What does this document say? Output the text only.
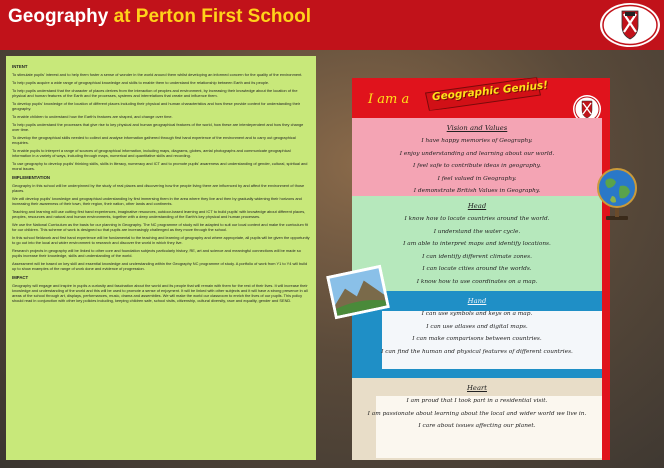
Geography at Perton First School
INTENT

To stimulate pupils' interest and to help them foster a sense of wonder in the world around them whilst developing an informed concern for the quality of the environment.

To help pupils acquire a wide range of geographical knowledge and skills to enable them to understand the relationship between Earth and its people.

To help pupils understand that the character of places derives from the interaction of peoples and environment, by increasing their knowledge about the location of the physical and human features of the Earth and the processes, systems and interrelations that create and influence them.

To develop pupils' knowledge of the location of different places including their physical and human characteristics and how these provide context for understanding their geography.

To enable children to understand how the Earth's features are shaped, and change over time.

To help pupils understand the processes that give rise to key physical and human geographical features of the world, how these are interdependent and how they change over time.

To develop the geographical skills needed to collect and analyse information gathered through first hand experience of the environment and to carry out geographical enquiries.

To enable pupils to interpret a range of sources of geographical information, including maps, diagrams, globes, aerial photographs and communicate geographical information in a variety of ways, including through maps, numerical and quantitative skills and recording.

To use geography to develop pupils' thinking skills, skills in literacy, numeracy and ICT and to promote pupils' awareness and understanding of gender, cultural, spiritual and moral issues.

IMPLEMENTATION

Geography in this school will be underpinned by the study of real places and discovering how the people living there are influenced by and affect the environment of those places.

We will develop pupils' knowledge and geographical understanding by first immersing them in the area where they live and then by gradually widening their horizons and increasing their awareness of their town, their region, their nation, other lands and continents.

Teaching and learning will use cutting first hand experiences, imaginative resources, outdoor-based learning and ICT to build pupils' with knowledge about different places, peoples, resources and natural and human environments, together with a deep understanding of the Earth's key physical and human processes.

We use the National Curriculum as the basis for our planning in Geography. The NC programme of study will be adapted to suit our local context and make the curriculum fit for our children. This scheme of work is designed so that pupils are increasingly challenged as they move through the school.

In this school fieldwork and first hand experience will be fundamental to the teaching and learning of geography and where appropriate, all pupils will be given the opportunity to go out into the local and wider environment to research and discover the world in which they live.

Research projects in geography will be linked to other core and foundation subjects particularly history, RE, art and science and meaningful connections will be made so pupils increase their knowledge, skills and understanding of the world.

Assessment will be based on key skill and essential knowledge and understanding within the Geography NC programme of study. A portfolio of work from Y1 to Y4 will build up to show examples of the range of work done and evidence of progression.

IMPACT

Geography will engage and inspire in pupils a curiosity and fascination about the world and its people that will remain with them for the rest of their lives. It will increase their knowledge and understanding of the world and this will be used to promote a sense of enjoyment. It will be linked with other subjects and it will have a strong presence in all areas of the school through art, displays, performances, music, drama and assemblies. We will make the world our classroom to enrich the lives of our pupils. This policy should read in conjunction with other key policies including, keeping children safe, school visits, citizenship, cultural diversity, race and equality, gender and SEND.

I am a Geographic Genius!
Vision and Values
I have happy memories of Geography.
I enjoy understanding and learning about our world.
I feel safe to contribute ideas in geography.
I feel valued in Geography.
I demonstrate British Values in Geography.
Head
I know how to locate countries around the world.
I understand the water cycle.
I am able to interpret maps and identify locations.
I can identify different climate zones.
I can locate cities around the worlds.
I know how to use coordinates on a map.
Hand
I can use symbols and keys on a map.
I can use atlases and digital maps.
I can make comparisons between countries.
I can find the human and physical features of different countries.
Heart
I am proud that I took part in a residential visit.
I am passionate about learning about the local and wider world we live in.
I care about issues affecting our planet.
